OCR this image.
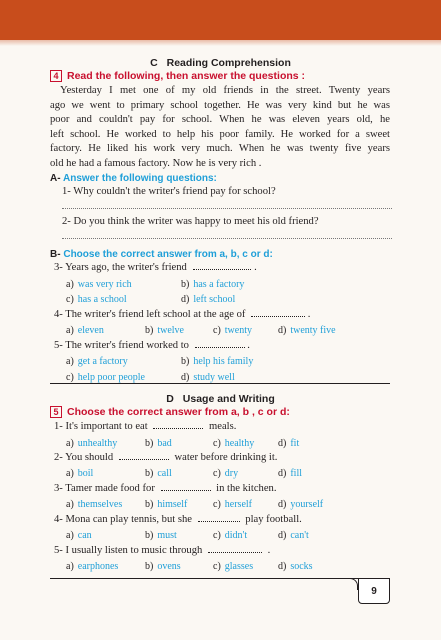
C Reading Comprehension
4 Read the following, then answer the questions :
Yesterday I met one of my old friends in the street. Twenty years
ago we went to primary school together. He was very kind but he was
poor and couldn't pay for school. When he was eleven years old, he
left school. He worked to help his poor family. He worked for a sweet
factory. He liked his work very much. When he was twenty five years
old he had a famous factory. Now he is very rich .
A- Answer the following questions:
1- Why couldn't the writer's friend pay for school?
2- Do you think the writer was happy to meet his old friend?
B- Choose the correct answer from a, b, c or d:
3- Years ago, the writer's friend	.
a) was very rich	b) has a factory
c) has a school	d) left school
4- The writer's friend left school at the age of	.
a) eleven	b) twelve	c) twenty	d) twenty five
5- The writer's friend worked to	.
a) get a factory	b) help his family
c) help poor people	d) study well
D Usage and Writing
5 Choose the correct answer from a, b , c or d:
1- It's important to eat	meals.
a) unhealthy	b) bad	c) healthy d) fit
2- You should	water before drinking it.
a) boil	b) call	c) dry	d) fill
3- Tamer made food for	in the kitchen.
a) themselves b) himself	c) herself	d) yourself
4- Mona can play tennis, but she	play football.
a) can	b) must	c) didn't	d) can't
5- I usually listen to music through	.
a) earphones	b) ovens	c) glasses d) socks
9
